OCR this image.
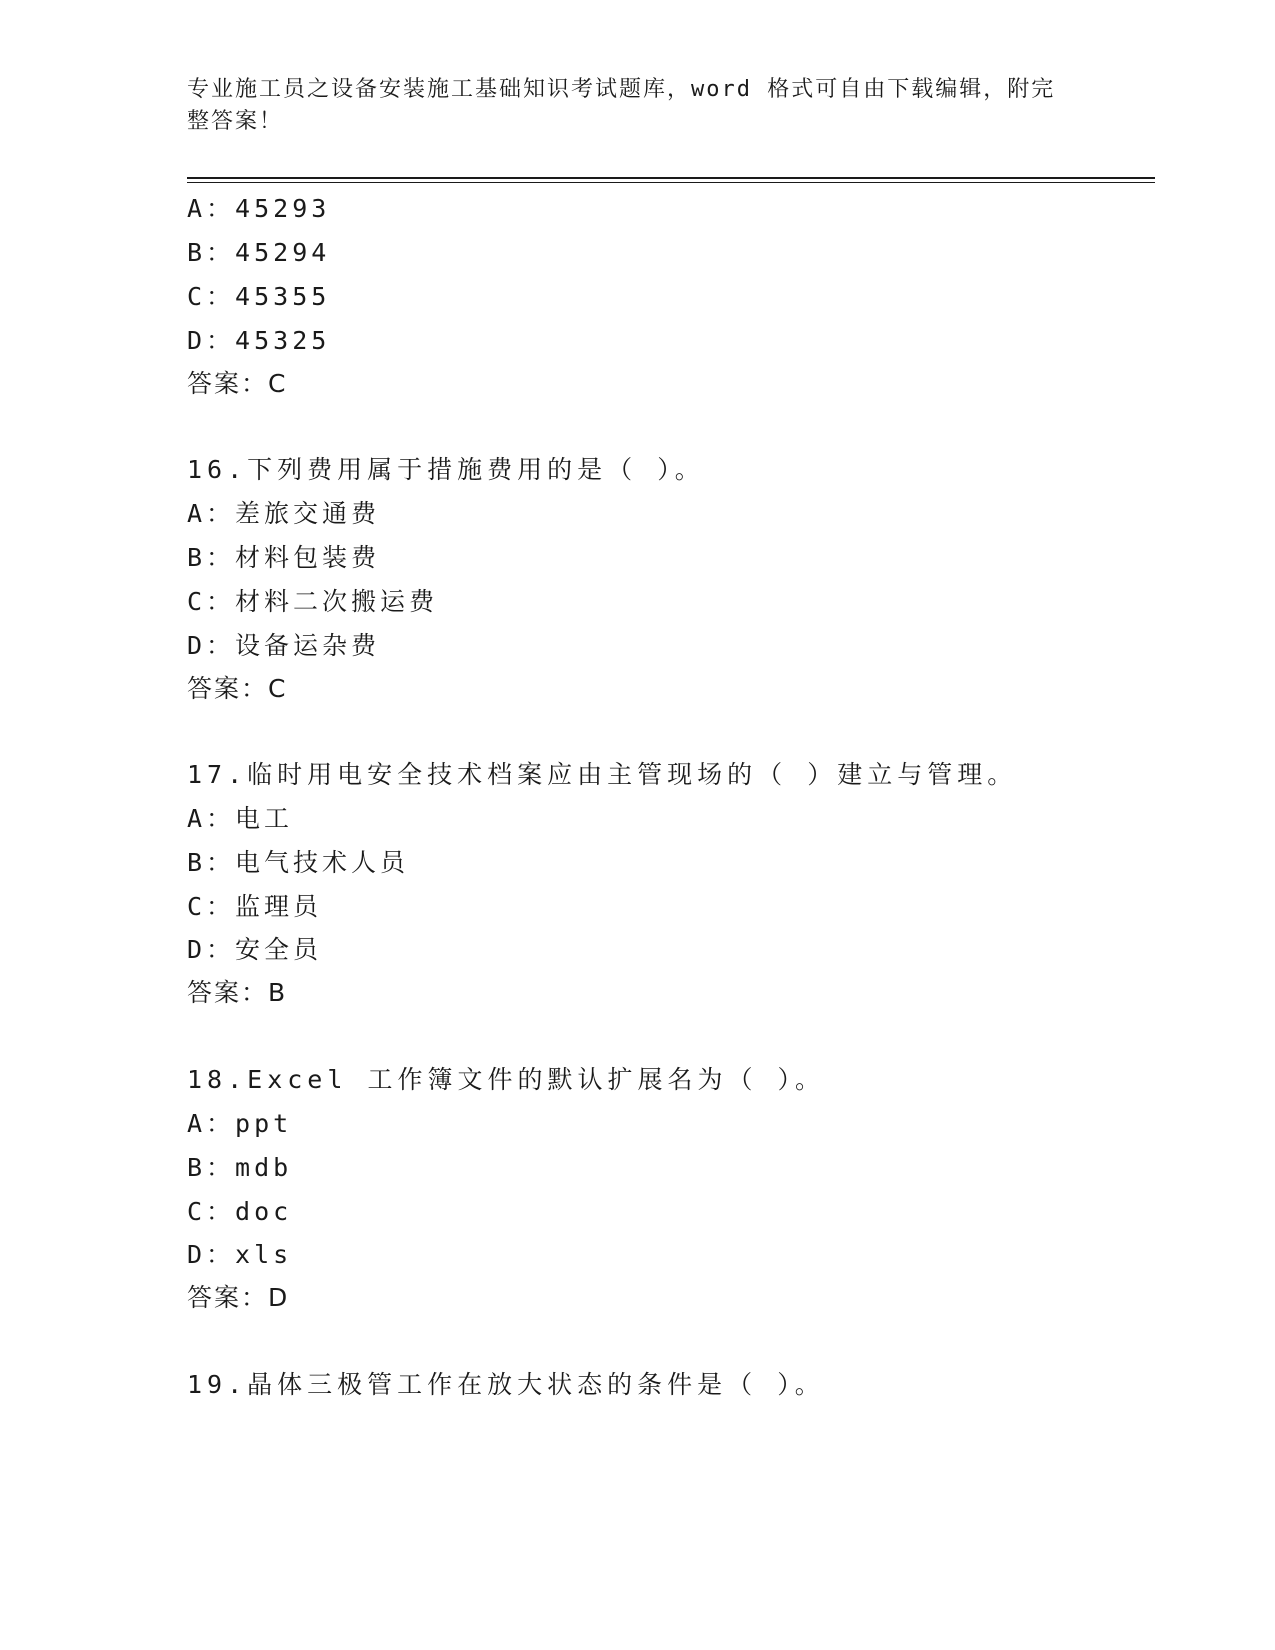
专业施工员之设备安装施工基础知识考试题库，word 格式可自由下载编辑，附完
整答案！
A：45293
B：45294
C：45355
D：45325
答案：C
16.下列费用属于措施费用的是（ ）。
A：差旅交通费
B：材料包装费
C：材料二次搬运费
D：设备运杂费
答案：C
17.临时用电安全技术档案应由主管现场的（ ）建立与管理。
A：电工
B：电气技术人员
C：监理员
D：安全员
答案：B
18.Excel 工作簿文件的默认扩展名为（ ）。
A：ppt
B：mdb
C：doc
D：xls
答案：D
19.晶体三极管工作在放大状态的条件是（ ）。
